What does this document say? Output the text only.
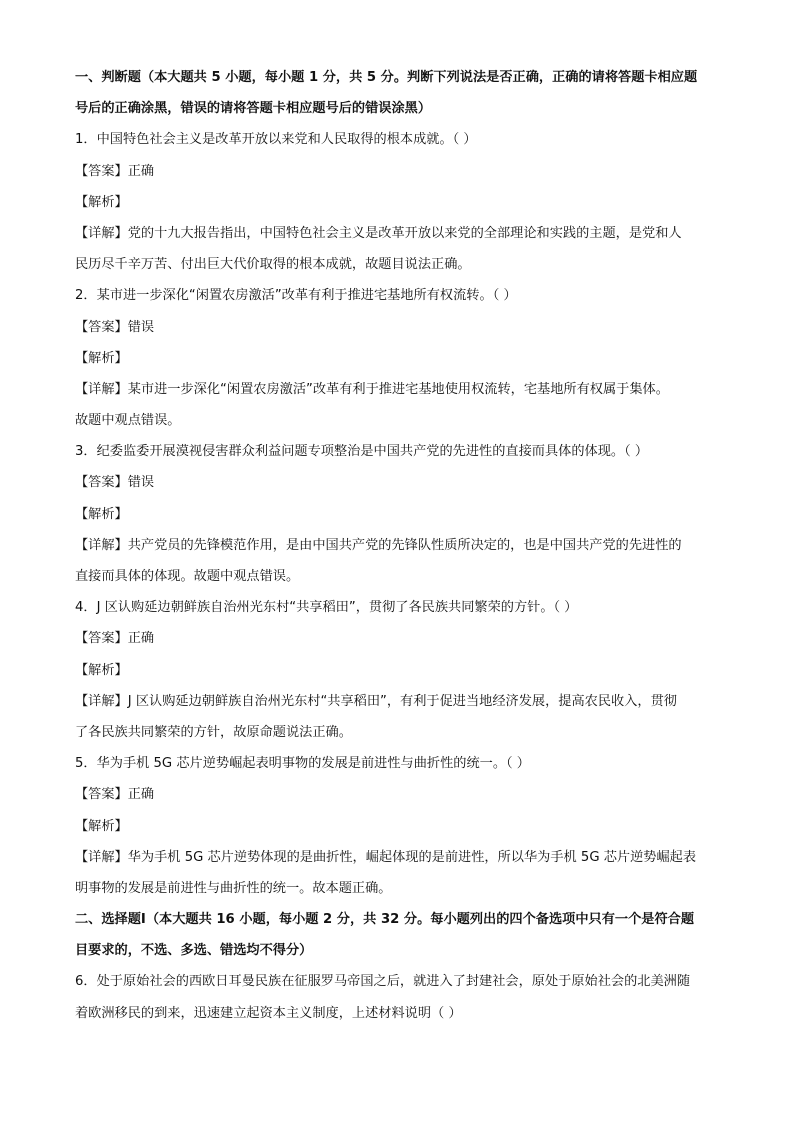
一、判断题（本大题共 5 小题，每小题 1 分，共 5 分。判断下列说法是否正确，正确的请将答题卡相应题
号后的正确涂黑，错误的请将答题卡相应题号后的错误涂黑）
1．中国特色社会主义是改革开放以来党和人民取得的根本成就。（ ）
【答案】正确
【解析】
【详解】党的十九大报告指出，中国特色社会主义是改革开放以来党的全部理论和实践的主题，是党和人
民历尽千辛万苦、付出巨大代价取得的根本成就，故题目说法正确。
2．某市进一步深化“闲置农房激活”改革有利于推进宅基地所有权流转。（ ）
【答案】错误
【解析】
【详解】某市进一步深化“闲置农房激活”改革有利于推进宅基地使用权流转，宅基地所有权属于集体。
故题中观点错误。
3．纪委监委开展漠视侵害群众利益问题专项整治是中国共产党的先进性的直接而具体的体现。（ ）
【答案】错误
【解析】
【详解】共产党员的先锋模范作用，是由中国共产党的先锋队性质所决定的，也是中国共产党的先进性的
直接而具体的体现。故题中观点错误。
4．J 区认购延边朝鲜族自治州光东村“共享稻田”，贯彻了各民族共同繁荣的方针。（ ）
【答案】正确
【解析】
【详解】J 区认购延边朝鲜族自治州光东村“共享稻田”，有利于促进当地经济发展，提高农民收入，贯彻
了各民族共同繁荣的方针，故原命题说法正确。
5．华为手机 5G 芯片逆势崛起表明事物的发展是前进性与曲折性的统一。（ ）
【答案】正确
【解析】
【详解】华为手机 5G 芯片逆势体现的是曲折性，崛起体现的是前进性，所以华为手机 5G 芯片逆势崛起表
明事物的发展是前进性与曲折性的统一。故本题正确。
二、选择题Ⅰ（本大题共 16 小题，每小题 2 分，共 32 分。每小题列出的四个备选项中只有一个是符合题
目要求的，不选、多选、错选均不得分）
6．处于原始社会的西欧日耳曼民族在征服罗马帝国之后，就进入了封建社会，原处于原始社会的北美洲随
着欧洲移民的到来，迅速建立起资本主义制度，上述材料说明（ ）
